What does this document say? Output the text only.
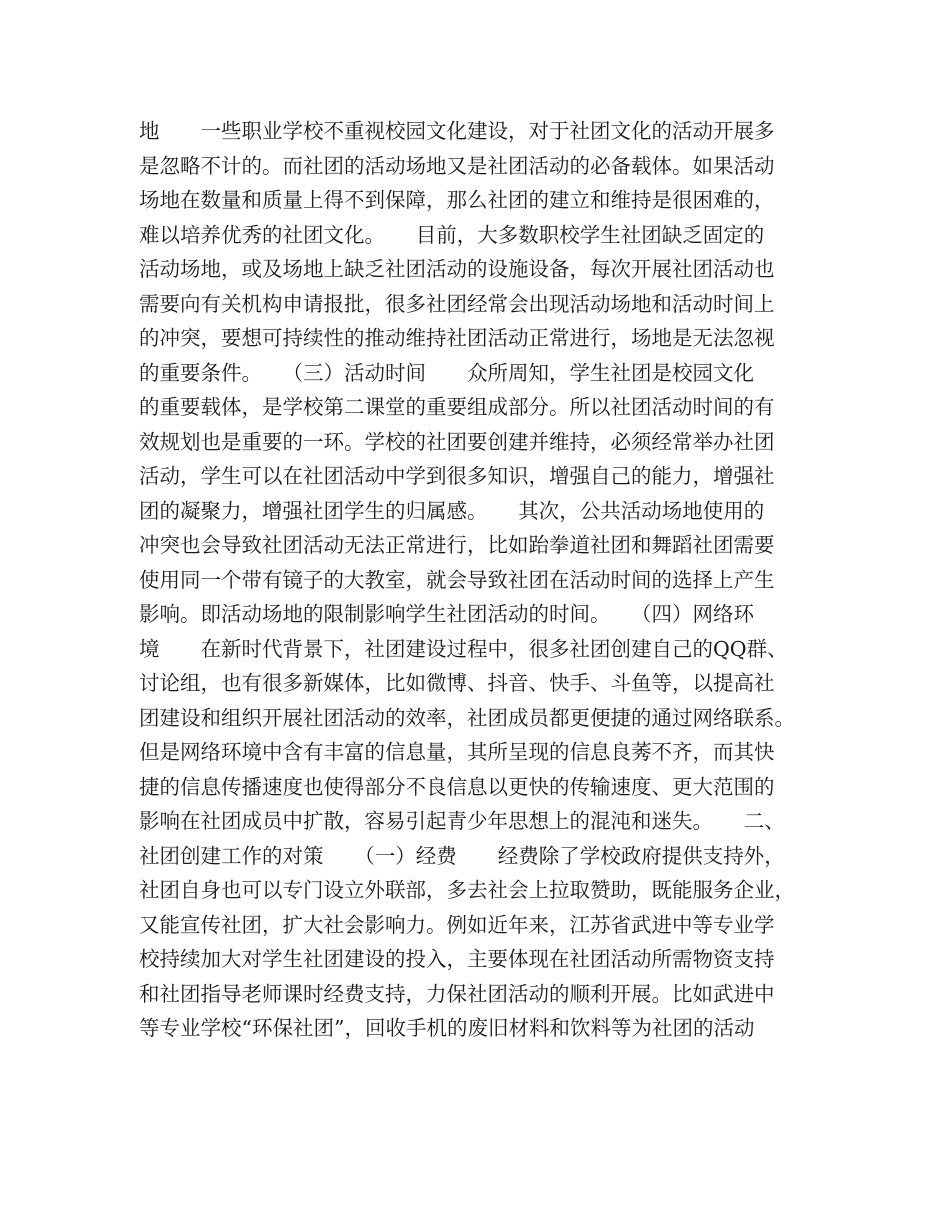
地　　一些职业学校不重视校园文化建设，对于社团文化的活动开展多
是忽略不计的。而社团的活动场地又是社团活动的必备载体。如果活动
场地在数量和质量上得不到保障，那么社团的建立和维持是很困难的，
难以培养优秀的社团文化。　　目前，大多数职校学生社团缺乏固定的
活动场地，或及场地上缺乏社团活动的设施设备，每次开展社团活动也
需要向有关机构申请报批，很多社团经常会出现活动场地和活动时间上
的冲突，要想可持续性的推动维持社团活动正常进行，场地是无法忽视
的重要条件。　　（三）活动时间　　众所周知，学生社团是校园文化
的重要载体，是学校第二课堂的重要组成部分。所以社团活动时间的有
效规划也是重要的一环。学校的社团要创建并维持，必须经常举办社团
活动，学生可以在社团活动中学到很多知识，增强自己的能力，增强社
团的凝聚力，增强社团学生的归属感。　　其次，公共活动场地使用的
冲突也会导致社团活动无法正常进行，比如跆拳道社团和舞蹈社团需要
使用同一个带有镜子的大教室，就会导致社团在活动时间的选择上产生
影响。即活动场地的限制影响学生社团活动的时间。　　（四）网络环
境　　在新时代背景下，社团建设过程中，很多社团创建自己的QQ群、
讨论组，也有很多新媒体，比如微博、抖音、快手、斗鱼等，以提高社
团建设和组织开展社团活动的效率，社团成员都更便捷的通过网络联系。
但是网络环境中含有丰富的信息量，其所呈现的信息良莠不齐，而其快
捷的信息传播速度也使得部分不良信息以更快的传输速度、更大范围的
影响在社团成员中扩散，容易引起青少年思想上的混沌和迷失。　　二、
社团创建工作的对策　　（一）经费　　经费除了学校政府提供支持外，
社团自身也可以专门设立外联部，多去社会上拉取赞助，既能服务企业，
又能宣传社团，扩大社会影响力。例如近年来，江苏省武进中等专业学
校持续加大对学生社团建设的投入，主要体现在社团活动所需物资支持
和社团指导老师课时经费支持，力保社团活动的顺利开展。比如武进中
等专业学校“环保社团”，回收手机的废旧材料和饮料等为社团的活动
